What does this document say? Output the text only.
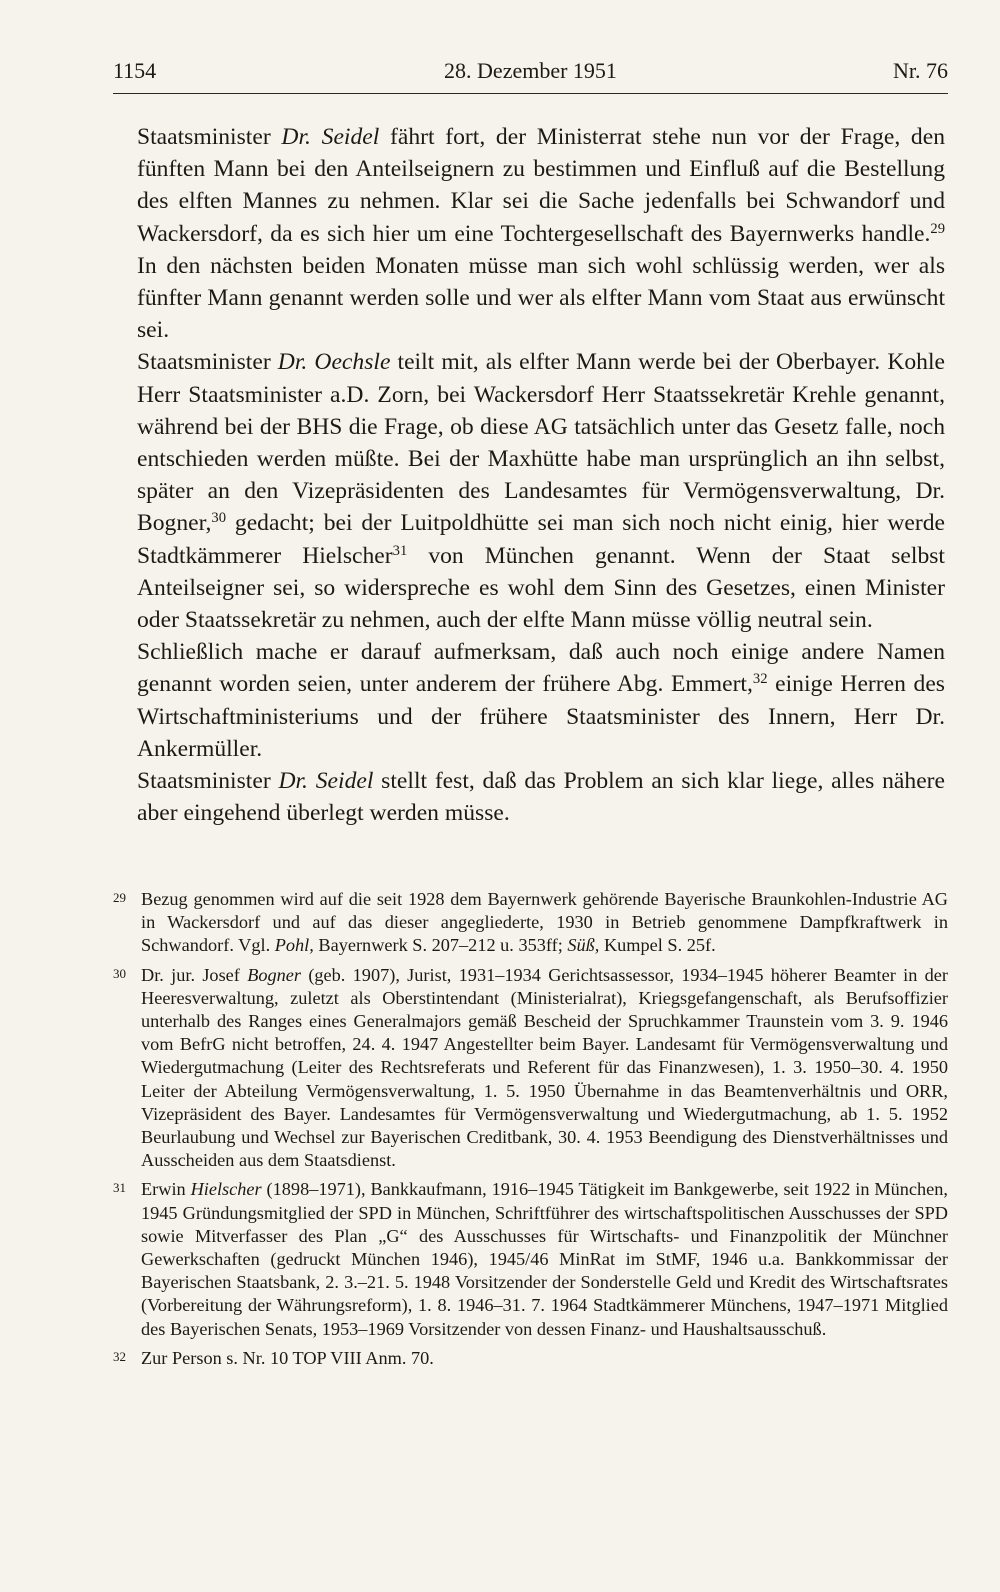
1154	28. Dezember 1951	Nr. 76

Staatsminister Dr. Seidel fährt fort, der Ministerrat stehe nun vor der Frage, den fünften Mann bei den Anteilseignern zu bestimmen und Einfluß auf die Bestellung des elften Mannes zu nehmen. Klar sei die Sache jedenfalls bei Schwandorf und Wackersdorf, da es sich hier um eine Tochtergesellschaft des Bayernwerks handle.$^{29}$ In den nächsten beiden Monaten müsse man sich wohl schlüssig werden, wer als fünfter Mann genannt werden solle und wer als elfter Mann vom Staat aus erwünscht sei.

Staatsminister Dr. Oechsle teilt mit, als elfter Mann werde bei der Oberbayer. Kohle Herr Staatsminister a.D. Zorn, bei Wackersdorf Herr Staatssekretär Krehle genannt, während bei der BHS die Frage, ob diese AG tatsächlich unter das Gesetz falle, noch entschieden werden müßte. Bei der Maxhütte habe man ursprünglich an ihn selbst, später an den Vizepräsidenten des Landesamtes für Vermögensverwaltung, Dr. Bogner,$^{30}$ gedacht; bei der Luitpoldhütte sei man sich noch nicht einig, hier werde Stadtkämmerer Hielscher$^{31}$ von München genannt. Wenn der Staat selbst Anteilseigner sei, so widerspreche es wohl dem Sinn des Gesetzes, einen Minister oder Staatssekretär zu nehmen, auch der elfte Mann müsse völlig neutral sein.

Schließlich mache er darauf aufmerksam, daß auch noch einige andere Namen genannt worden seien, unter anderem der frühere Abg. Emmert,$^{32}$ einige Herren des Wirtschaftministeriums und der frühere Staatsminister des Innern, Herr Dr. Ankermüller.

Staatsminister Dr. Seidel stellt fest, daß das Problem an sich klar liege, alles nähere aber eingehend überlegt werden müsse.

29 Bezug genommen wird auf die seit 1928 dem Bayernwerk gehörende Bayerische Braunkohlen-Industrie AG in Wackersdorf und auf das dieser angegliederte, 1930 in Betrieb genommene Dampfkraftwerk in Schwandorf. Vgl. Pohl, Bayernwerk S. 207–212 u. 353ff; Süß, Kumpel S. 25f.
30 Dr. jur. Josef Bogner (geb. 1907), Jurist, 1931–1934 Gerichtsassessor, 1934–1945 höherer Beamter in der Heeresverwaltung, zuletzt als Oberstintendant (Ministerialrat), Kriegsgefangenschaft, als Berufsoffizier unterhalb des Ranges eines Generalmajors gemäß Bescheid der Spruchkammer Traunstein vom 3. 9. 1946 vom BefrG nicht betroffen, 24. 4. 1947 Angestellter beim Bayer. Landesamt für Vermögensverwaltung und Wiedergutmachung (Leiter des Rechtsreferats und Referent für das Finanzwesen), 1. 3. 1950–30. 4. 1950 Leiter der Abteilung Vermögensverwaltung, 1. 5. 1950 Übernahme in das Beamtenverhältnis und ORR, Vizepräsident des Bayer. Landesamtes für Vermögensverwaltung und Wiedergutmachung, ab 1. 5. 1952 Beurlaubung und Wechsel zur Bayerischen Creditbank, 30. 4. 1953 Beendigung des Dienstverhältnisses und Ausscheiden aus dem Staatsdienst.
31 Erwin Hielscher (1898–1971), Bankkaufmann, 1916–1945 Tätigkeit im Bankgewerbe, seit 1922 in München, 1945 Gründungsmitglied der SPD in München, Schriftführer des wirtschaftspolitischen Ausschusses der SPD sowie Mitverfasser des Plan „G“ des Ausschusses für Wirtschafts- und Finanzpolitik der Münchner Gewerkschaften (gedruckt München 1946), 1945/46 MinRat im StMF, 1946 u.a. Bankkommissar der Bayerischen Staatsbank, 2. 3.–21. 5. 1948 Vorsitzender der Sonderstelle Geld und Kredit des Wirtschaftsrates (Vorbereitung der Währungsreform), 1. 8. 1946–31. 7. 1964 Stadtkämmerer Münchens, 1947–1971 Mitglied des Bayerischen Senats, 1953–1969 Vorsitzender von dessen Finanz- und Haushaltsausschuß.
32 Zur Person s. Nr. 10 TOP VIII Anm. 70.
